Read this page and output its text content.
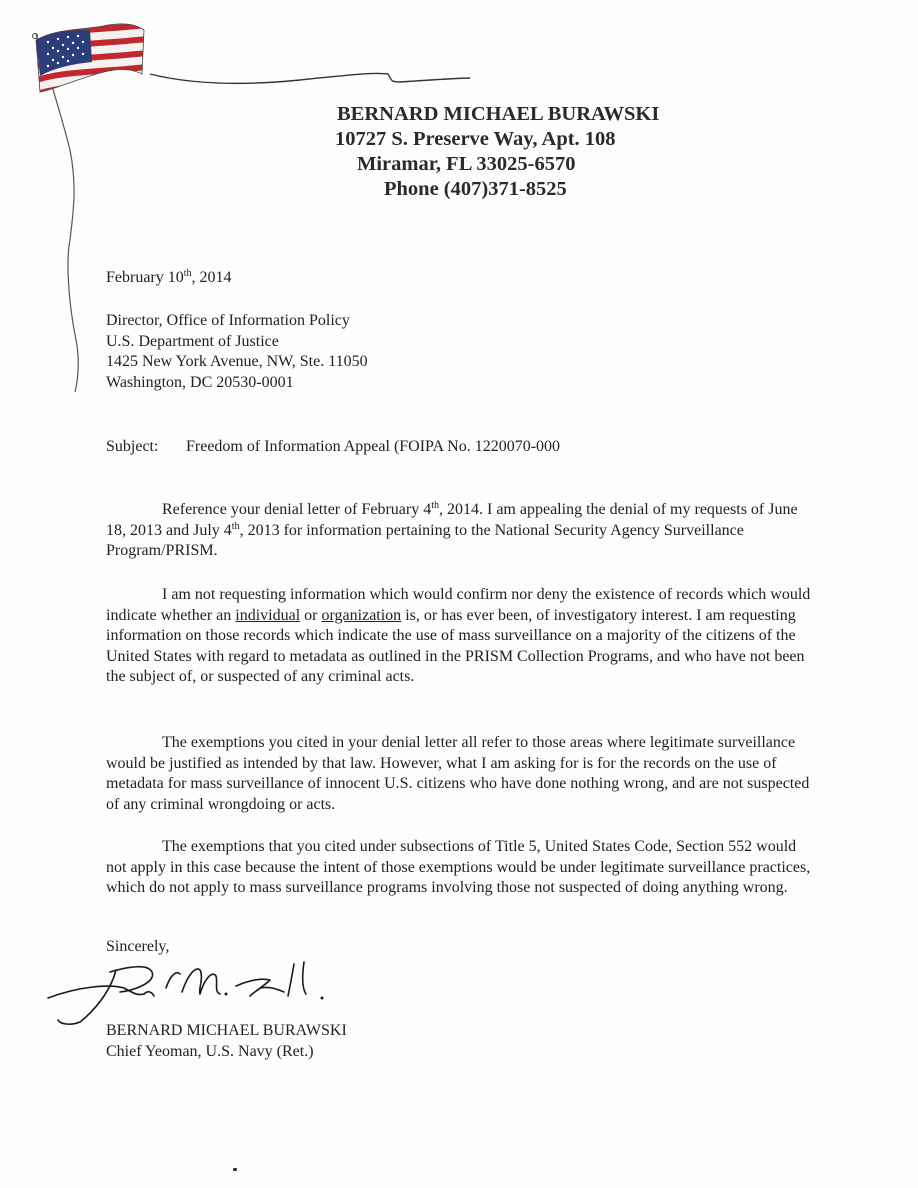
BERNARD MICHAEL BURAWSKI
10727 S. Preserve Way, Apt. 108
Miramar, FL 33025-6570
Phone (407)371-8525
February 10th, 2014
Director, Office of Information Policy
U.S. Department of Justice
1425 New York Avenue, NW, Ste. 11050
Washington, DC 20530-0001
Subject: Freedom of Information Appeal (FOIPA No. 1220070-000

Reference your denial letter of February 4th, 2014. I am appealing the denial of my requests of June 18, 2013 and July 4th, 2013 for information pertaining to the National Security Agency Surveillance Program/PRISM.

I am not requesting information which would confirm nor deny the existence of records which would indicate whether an individual or organization is, or has ever been, of investigatory interest. I am requesting information on those records which indicate the use of mass surveillance on a majority of the citizens of the United States with regard to metadata as outlined in the PRISM Collection Programs, and who have not been the subject of, or suspected of any criminal acts.

The exemptions you cited in your denial letter all refer to those areas where legitimate surveillance would be justified as intended by that law. However, what I am asking for is for the records on the use of metadata for mass surveillance of innocent U.S. citizens who have done nothing wrong, and are not suspected of any criminal wrongdoing or acts.

The exemptions that you cited under subsections of Title 5, United States Code, Section 552 would not apply in this case because the intent of those exemptions would be under legitimate surveillance practices, which do not apply to mass surveillance programs involving those not suspected of doing anything wrong.

Sincerely,
BERNARD MICHAEL BURAWSKI
Chief Yeoman, U.S. Navy (Ret.)
